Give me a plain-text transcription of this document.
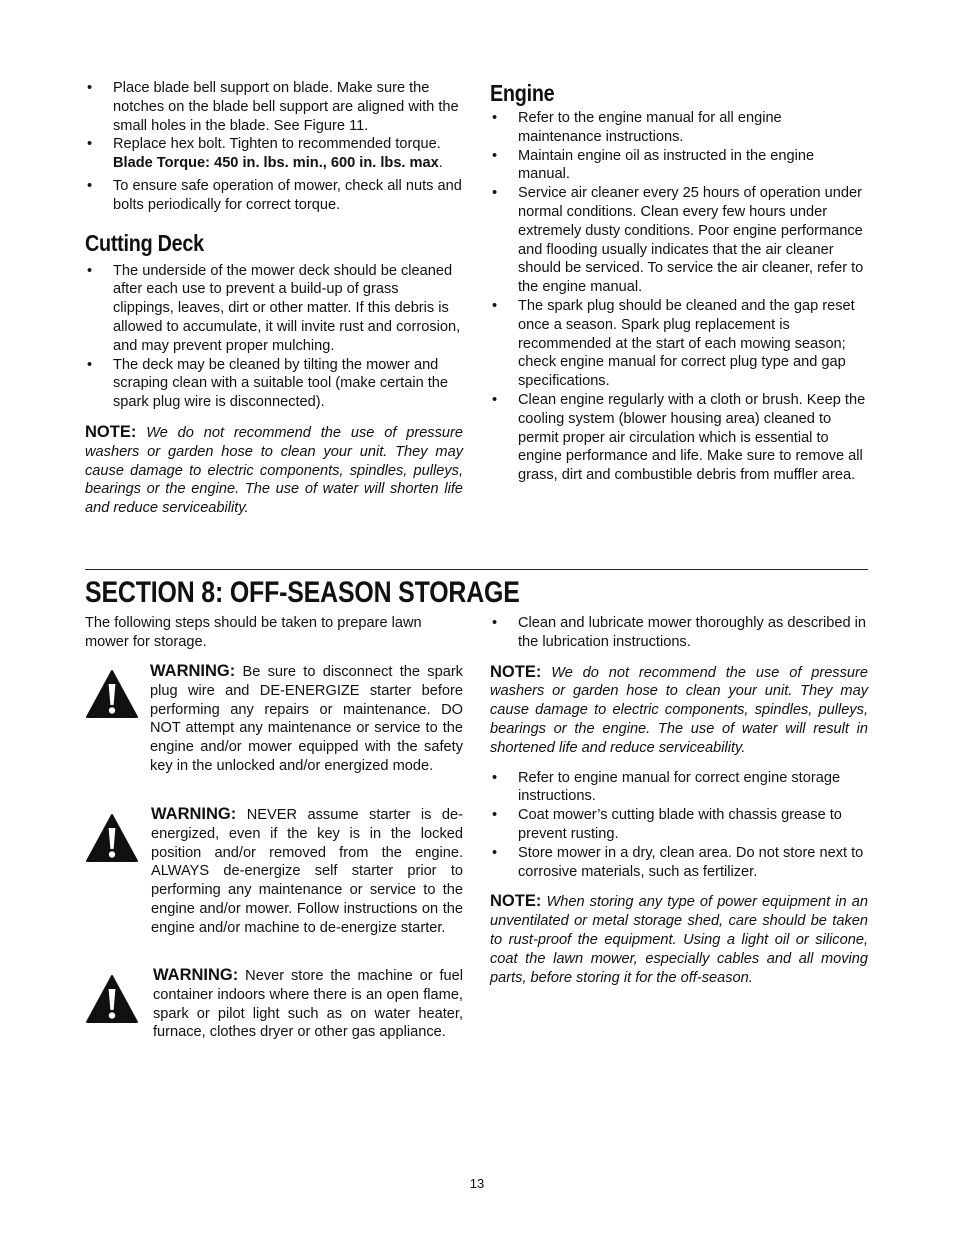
• Place blade bell support on blade. Make sure the notches on the blade bell support are aligned with the small holes in the blade. See Figure 11.
• Replace hex bolt. Tighten to recommended torque.
Blade Torque: 450 in. lbs. min., 600 in. lbs. max.
• To ensure safe operation of mower, check all nuts and bolts periodically for correct torque.
Cutting Deck
• The underside of the mower deck should be cleaned after each use to prevent a build-up of grass clippings, leaves, dirt or other matter. If this debris is allowed to accumulate, it will invite rust and corrosion, and may prevent proper mulching.
• The deck may be cleaned by tilting the mower and scraping clean with a suitable tool (make certain the spark plug wire is disconnected).

NOTE: We do not recommend the use of pressure washers or garden hose to clean your unit. They may cause damage to electric components, spindles, pulleys, bearings or the engine. The use of water will shorten life and reduce serviceability.

Engine
• Refer to the engine manual for all engine maintenance instructions.
• Maintain engine oil as instructed in the engine manual.
• Service air cleaner every 25 hours of operation under normal conditions. Clean every few hours under extremely dusty conditions. Poor engine performance and flooding usually indicates that the air cleaner should be serviced. To service the air cleaner, refer to the engine manual.
• The spark plug should be cleaned and the gap reset once a season. Spark plug replacement is recommended at the start of each mowing season; check engine manual for correct plug type and gap specifications.
• Clean engine regularly with a cloth or brush. Keep the cooling system (blower housing area) cleaned to permit proper air circulation which is essential to engine performance and life. Make sure to remove all grass, dirt and combustible debris from muffler area.
SECTION 8: OFF-SEASON STORAGE
The following steps should be taken to prepare lawn mower for storage.
WARNING: Be sure to disconnect the spark plug wire and DE-ENERGIZE starter before performing any repairs or maintenance. DO NOT attempt any maintenance or service to the engine and/or mower equipped with the safety key in the unlocked and/or energized mode.
WARNING: NEVER assume starter is de-energized, even if the key is in the locked position and/or removed from the engine. ALWAYS de-energize self starter prior to performing any maintenance or service to the engine and/or mower. Follow instructions on the engine and/or machine to de-energize starter.
WARNING: Never store the machine or fuel container indoors where there is an open flame, spark or pilot light such as on water heater, furnace, clothes dryer or other gas appliance.
• Clean and lubricate mower thoroughly as described in the lubrication instructions.

NOTE: We do not recommend the use of pressure washers or garden hose to clean your unit. They may cause damage to electric components, spindles, pulleys, bearings or the engine. The use of water will result in shortened life and reduce serviceability.

• Refer to engine manual for correct engine storage instructions.
• Coat mower’s cutting blade with chassis grease to prevent rusting.
• Store mower in a dry, clean area. Do not store next to corrosive materials, such as fertilizer.

NOTE: When storing any type of power equipment in an unventilated or metal storage shed, care should be taken to rust-proof the equipment. Using a light oil or silicone, coat the lawn mower, especially cables and all moving parts, before storing it for the off-season.

13
